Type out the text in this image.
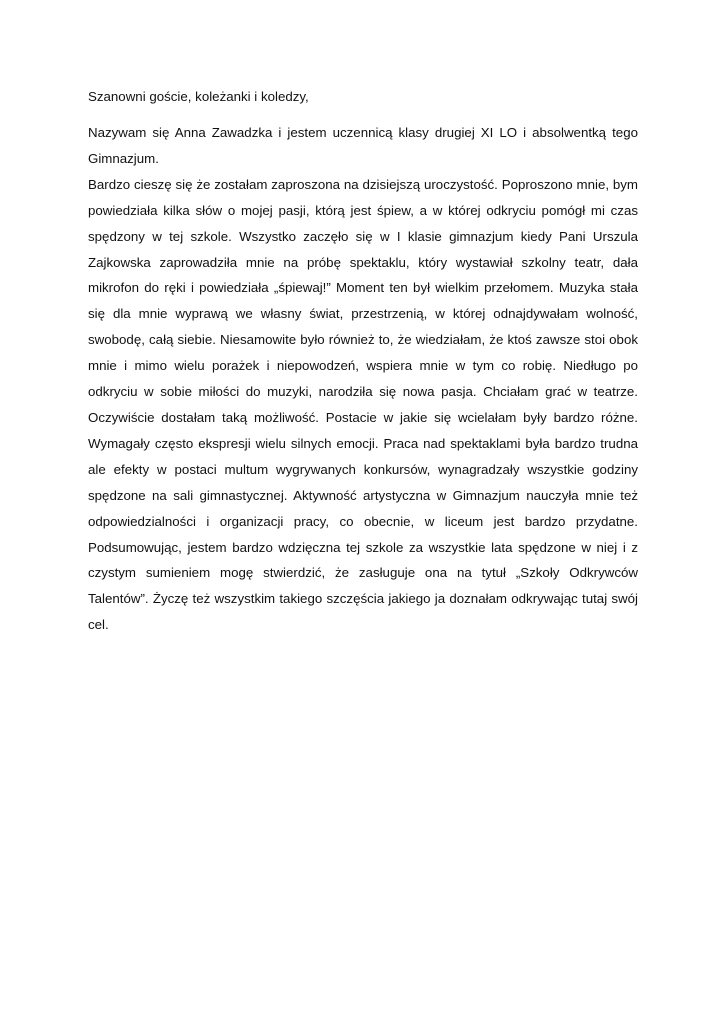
Szanowni goście, koleżanki i koledzy,

Nazywam się Anna Zawadzka i jestem uczennicą klasy drugiej XI LO i absolwentką tego Gimnazjum.

Bardzo cieszę się że zostałam zaproszona na dzisiejszą uroczystość. Poproszono mnie, bym powiedziała kilka słów o mojej pasji, którą jest śpiew, a w której odkryciu pomógł mi czas spędzony w tej szkole. Wszystko zaczęło się w I klasie gimnazjum kiedy Pani Urszula Zajkowska zaprowadziła mnie na próbę spektaklu, który wystawiał szkolny teatr, dała mikrofon do ręki i powiedziała „śpiewaj!” Moment ten był wielkim przełomem. Muzyka stała się dla mnie wyprawą we własny świat, przestrzenią, w której odnajdywałam wolność, swobodę, całą siebie. Niesamowite było również to, że wiedziałam, że ktoś zawsze stoi obok mnie i mimo wielu porażek i niepowodzeń, wspiera mnie w tym co robię. Niedługo po odkryciu w sobie miłości do muzyki, narodziła się nowa pasja. Chciałam grać w teatrze. Oczywiście dostałam taką możliwość. Postacie w jakie się wcielałam były bardzo różne. Wymagały często ekspresji wielu silnych emocji. Praca nad spektaklami była bardzo trudna ale efekty w postaci multum wygrywanych konkursów, wynagradzały wszystkie godziny spędzone na sali gimnastycznej. Aktywność artystyczna w Gimnazjum nauczyła mnie też odpowiedzialności i organizacji pracy, co obecnie, w liceum jest bardzo przydatne. Podsumowując, jestem bardzo wdzięczna tej szkole za wszystkie lata spędzone w niej i z czystym sumieniem mogę stwierdzić, że zasługuje ona na tytuł „Szkoły Odkrywców Talentów”. Życzę też wszystkim takiego szczęścia jakiego ja doznałam odkrywając tutaj swój cel.
